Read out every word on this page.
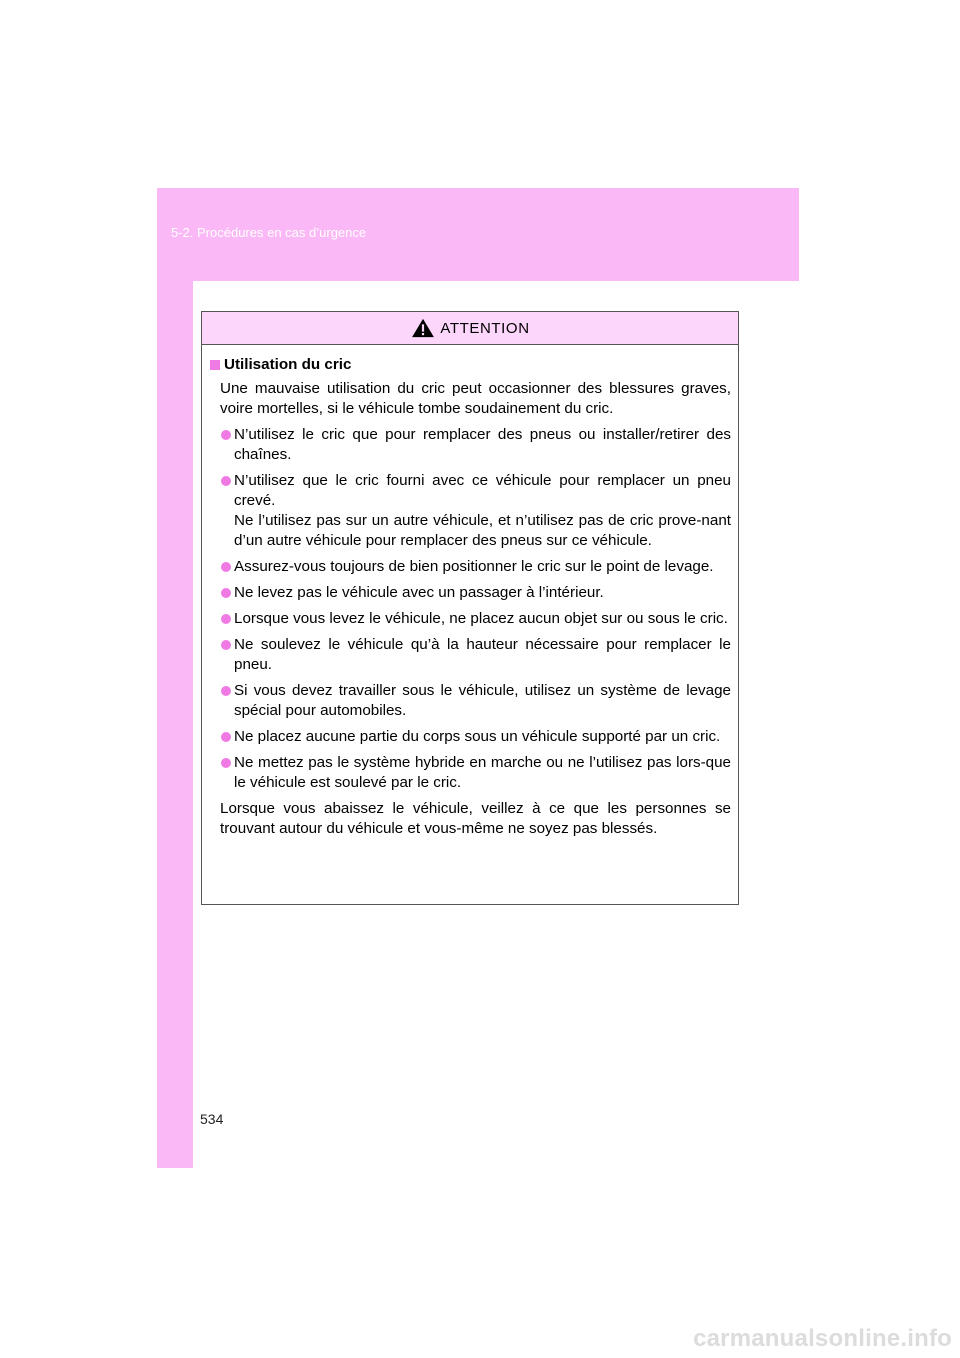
5-2. Procédures en cas d’urgence
ATTENTION
Utilisation du cric
Une mauvaise utilisation du cric peut occasionner des blessures graves, voire mortelles, si le véhicule tombe soudainement du cric.
N’utilisez le cric que pour remplacer des pneus ou installer/retirer des chaînes.
N’utilisez que le cric fourni avec ce véhicule pour remplacer un pneu crevé.
Ne l’utilisez pas sur un autre véhicule, et n’utilisez pas de cric prove-nant d’un autre véhicule pour remplacer des pneus sur ce véhicule.
Assurez-vous toujours de bien positionner le cric sur le point de levage.
Ne levez pas le véhicule avec un passager à l’intérieur.
Lorsque vous levez le véhicule, ne placez aucun objet sur ou sous le cric.
Ne soulevez le véhicule qu’à la hauteur nécessaire pour remplacer le pneu.
Si vous devez travailler sous le véhicule, utilisez un système de levage spécial pour automobiles.
Ne placez aucune partie du corps sous un véhicule supporté par un cric.
Ne mettez pas le système hybride en marche ou ne l’utilisez pas lors-que le véhicule est soulevé par le cric.
Lorsque vous abaissez le véhicule, veillez à ce que les personnes se trouvant autour du véhicule et vous-même ne soyez pas blessés.
534
carmanualsonline.info
